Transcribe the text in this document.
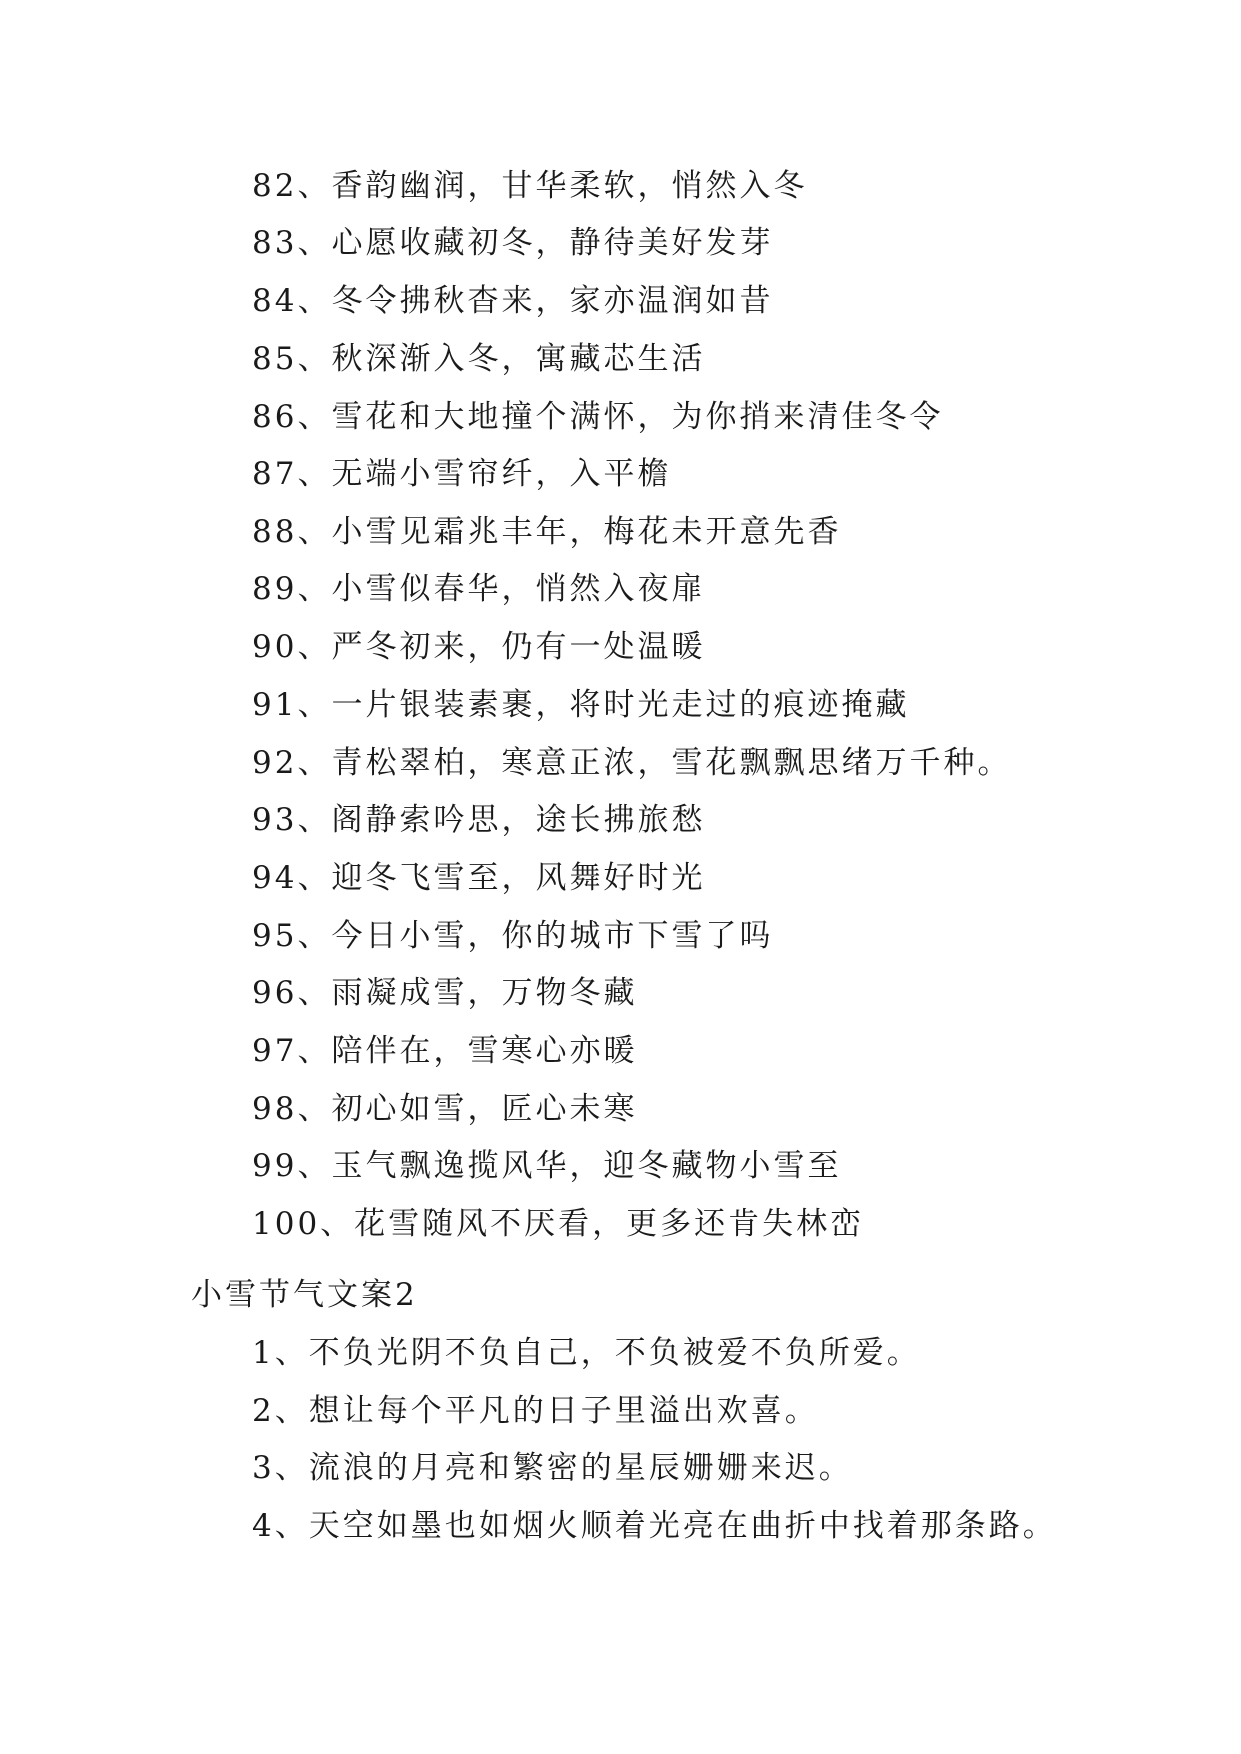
82、香韵幽润，甘华柔软，悄然入冬
83、心愿收藏初冬，静待美好发芽
84、冬令拂秋杳来，家亦温润如昔
85、秋深渐入冬，寓藏芯生活
86、雪花和大地撞个满怀，为你捎来清佳冬令
87、无端小雪帘纤，入平檐
88、小雪见霜兆丰年，梅花未开意先香
89、小雪似春华，悄然入夜扉
90、严冬初来，仍有一处温暖
91、一片银装素裹，将时光走过的痕迹掩藏
92、青松翠柏，寒意正浓，雪花飘飘思绪万千种。
93、阁静索吟思，途长拂旅愁
94、迎冬飞雪至，风舞好时光
95、今日小雪，你的城市下雪了吗
96、雨凝成雪，万物冬藏
97、陪伴在，雪寒心亦暖
98、初心如雪，匠心未寒
99、玉气飘逸揽风华，迎冬藏物小雪至
100、花雪随风不厌看，更多还肯失林峦
小雪节气文案2
1、不负光阴不负自己，不负被爱不负所爱。
2、想让每个平凡的日子里溢出欢喜。
3、流浪的月亮和繁密的星辰姗姗来迟。
4、天空如墨也如烟火顺着光亮在曲折中找着那条路。
